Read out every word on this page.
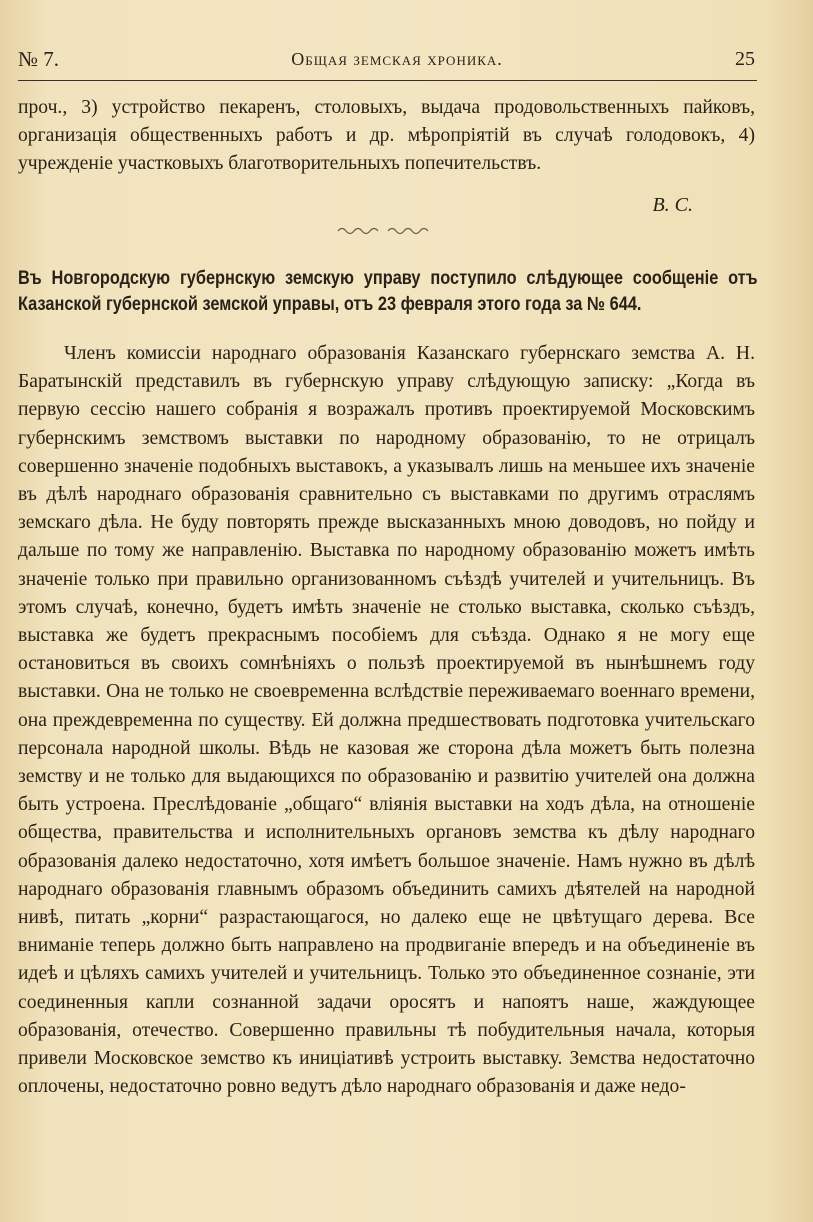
№ 7.	Общая земская хроника.	25

проч., 3) устройство пекаренъ, столовыхъ, выдача продовольственныхъ пайковъ, организація общественныхъ работъ и др. мѣропріятій въ случаѣ голодовокъ, 4) учрежденіе участковыхъ благотворительныхъ попечительствъ.

В. С.
Въ Новгородскую губернскую земскую управу поступило слѣдующее сообщеніе отъ Казанской губернской земской управы, отъ 23 февраля этого года за № 644.

Членъ комиссіи народнаго образованія Казанскаго губернскаго земства А. Н. Баратынскій представилъ въ губернскую управу слѣдующую записку: „Когда въ первую сессію нашего собранія я возражалъ противъ проектируемой Московскимъ губернскимъ земствомъ выставки по народному образованію, то не отрицалъ совершенно значеніе подобныхъ выставокъ, а указывалъ лишь на меньшее ихъ значеніе въ дѣлѣ народнаго образованія сравнительно съ выставками по другимъ отраслямъ земскаго дѣла. Не буду повторять прежде высказанныхъ мною доводовъ, но пойду и дальше по тому же направленію. Выставка по народному образованію можетъ имѣть значеніе только при правильно организованномъ съѣздѣ учителей и учительницъ. Въ этомъ случаѣ, конечно, будетъ имѣть значеніе не столько выставка, сколько съѣздъ, выставка же будетъ прекраснымъ пособіемъ для съѣзда. Однако я не могу еще остановиться въ своихъ сомнѣніяхъ о пользѣ проектируемой въ нынѣшнемъ году выставки. Она не только не своевременна вслѣдствіе переживаемаго военнаго времени, она преждевременна по существу. Ей должна предшествовать подготовка учительскаго персонала народной школы. Вѣдь не казовая же сторона дѣла можетъ быть полезна земству и не только для выдающихся по образованію и развитію учителей она должна быть устроена. Преслѣдованіе „общаго“ вліянія выставки на ходъ дѣла, на отношеніе общества, правительства и исполнительныхъ органовъ земства къ дѣлу народнаго образованія далеко недостаточно, хотя имѣетъ большое значеніе. Намъ нужно въ дѣлѣ народнаго образованія главнымъ образомъ объединить самихъ дѣятелей на народной нивѣ, питать „корни“ разрастающагося, но далеко еще не цвѣтущаго дерева. Все вниманіе теперь должно быть направлено на продвиганіе впередъ и на объединеніе въ идеѣ и цѣляхъ самихъ учителей и учительницъ. Только это объединенное сознаніе, эти соединенныя капли сознанной задачи оросятъ и напоятъ наше, жаждующее образованія, отечество. Совершенно правильны тѣ побудительныя начала, которыя привели Московское земство къ иниціативѣ устроить выставку. Земства недостаточно оплочены, недостаточно ровно ведутъ дѣло народнаго образованія и даже недо-
